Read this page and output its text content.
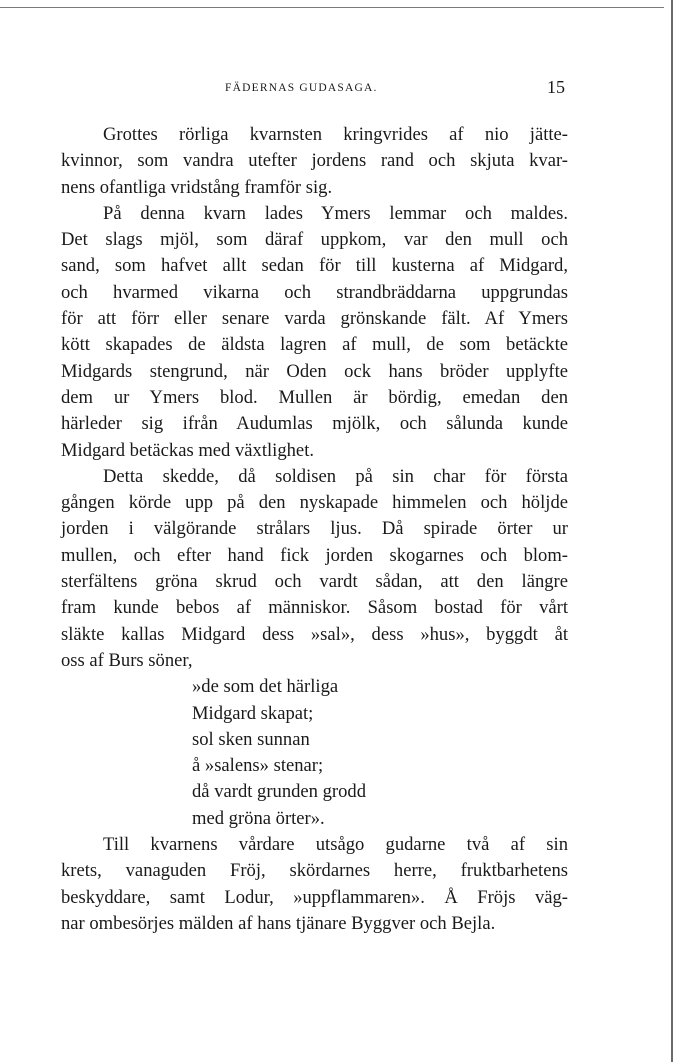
FÄDERNAS GUDASAGA.	15
Grottes rörliga kvarnsten kringvrides af nio jätte-
kvinnor, som vandra utefter jordens rand och skjuta kvar-
nens ofantliga vridstång framför sig.
På denna kvarn lades Ymers lemmar och maldes.
Det slags mjöl, som däraf uppkom, var den mull och
sand, som hafvet allt sedan för till kusterna af Midgard,
och hvarmed vikarna och strandbräddarna uppgrundas
för att förr eller senare varda grönskande fält. Af Ymers
kött skapades de äldsta lagren af mull, de som betäckte
Midgards stengrund, när Oden ock hans bröder upplyfte
dem ur Ymers blod. Mullen är bördig, emedan den
härleder sig ifrån Audumlas mjölk, och sålunda kunde
Midgard betäckas med växtlighet.
Detta skedde, då soldisen på sin char för första
gången körde upp på den nyskapade himmelen och höljde
jorden i välgörande strålars ljus. Då spirade örter ur
mullen, och efter hand fick jorden skogarnes och blom-
sterfältens gröna skrud och vardt sådan, att den längre
fram kunde bebos af människor. Såsom bostad för vårt
släkte kallas Midgard dess »sal», dess »hus», byggdt åt
oss af Burs söner,
»de som det härliga
Midgard skapat;
sol sken sunnan
å »salens» stenar;
då vardt grunden grodd
med gröna örter».
Till kvarnens vårdare utsågo gudarne två af sin
krets, vanaguden Fröj, skördarnes herre, fruktbarhetens
beskyddare, samt Lodur, »uppflammaren». Å Fröjs väg-
nar ombesörjes mälden af hans tjänare Byggver och Bejla.
